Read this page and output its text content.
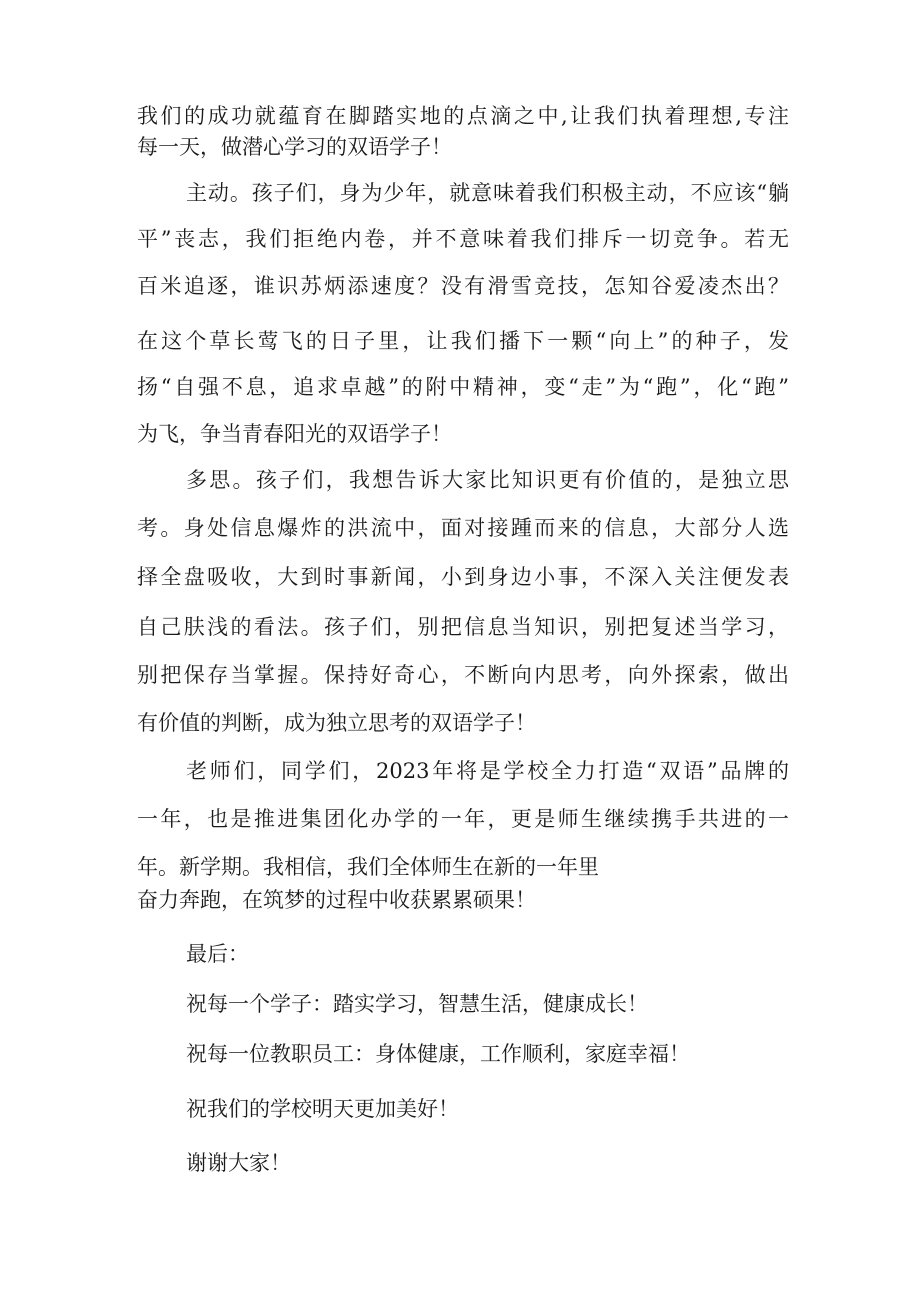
我们的成功就蕴育在脚踏实地的点滴之中,让我们执着理想,专注
每一天，做潜心学习的双语学子！
主动。孩子们，身为少年，就意味着我们积极主动，不应该“躺
平”丧志，我们拒绝内卷，并不意味着我们排斥一切竞争。若无
百米追逐，谁识苏炳添速度？没有滑雪竞技，怎知谷爱凌杰出？
在这个草长莺飞的日子里，让我们播下一颗“向上”的种子，发
扬“自强不息，追求卓越”的附中精神，变“走”为“跑”，化“跑”
为飞，争当青春阳光的双语学子！
多思。孩子们，我想告诉大家比知识更有价值的，是独立思
考。身处信息爆炸的洪流中，面对接踵而来的信息，大部分人选
择全盘吸收，大到时事新闻，小到身边小事，不深入关注便发表
自己肤浅的看法。孩子们，别把信息当知识，别把复述当学习，
别把保存当掌握。保持好奇心，不断向内思考，向外探索，做出
有价值的判断，成为独立思考的双语学子！
老师们，同学们，2023年将是学校全力打造“双语”品牌的
一年，也是推进集团化办学的一年，更是师生继续携手共进的一
年。新学期。我相信，我们全体师生在新的一年里
奋力奔跑，在筑梦的过程中收获累累硕果！
最后：
祝每一个学子：踏实学习，智慧生活，健康成长！
祝每一位教职员工：身体健康，工作顺利，家庭幸福！
祝我们的学校明天更加美好！
谢谢大家！
